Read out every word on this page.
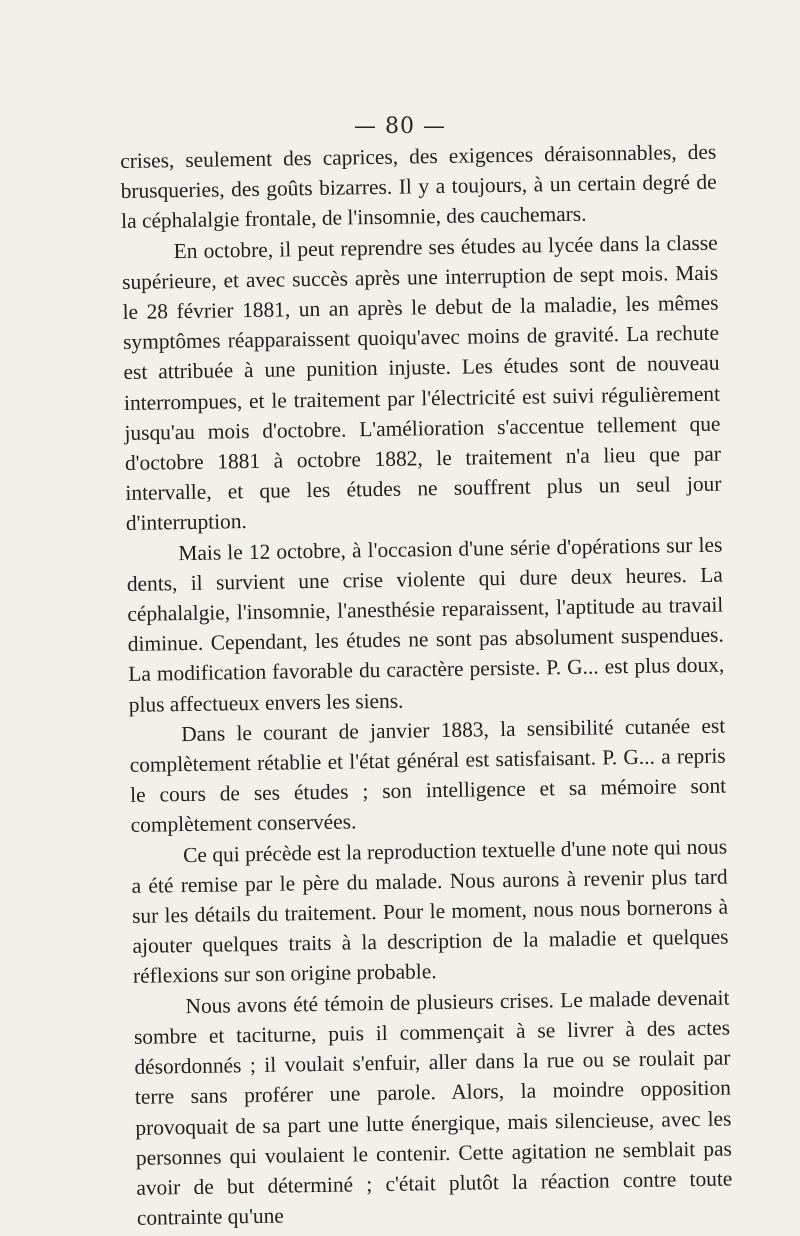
— 80 —

crises, seulement des caprices, des exigences déraisonnables, des brusqueries, des goûts bizarres. Il y a toujours, à un certain degré de la céphalalgie frontale, de l'insomnie, des cauchemars.

En octobre, il peut reprendre ses études au lycée dans la classe supérieure, et avec succès après une interruption de sept mois. Mais le 28 février 1881, un an après le debut de la maladie, les mêmes symptômes réapparaissent quoiqu'avec moins de gravité. La rechute est attribuée à une punition injuste. Les études sont de nouveau interrompues, et le traitement par l'électricité est suivi régulièrement jusqu'au mois d'octobre. L'amélioration s'accentue tellement que d'octobre 1881 à octobre 1882, le traitement n'a lieu que par intervalle, et que les études ne souffrent plus un seul jour d'interruption.

Mais le 12 octobre, à l'occasion d'une série d'opérations sur les dents, il survient une crise violente qui dure deux heures. La céphalalgie, l'insomnie, l'anesthésie reparaissent, l'aptitude au travail diminue. Cependant, les études ne sont pas absolument suspendues. La modification favorable du caractère persiste. P. G... est plus doux, plus affectueux envers les siens.

Dans le courant de janvier 1883, la sensibilité cutanée est complètement rétablie et l'état général est satisfaisant. P. G... a repris le cours de ses études ; son intelligence et sa mémoire sont complètement conservées.

Ce qui précède est la reproduction textuelle d'une note qui nous a été remise par le père du malade. Nous aurons à revenir plus tard sur les détails du traitement. Pour le moment, nous nous bornerons à ajouter quelques traits à la description de la maladie et quelques réflexions sur son origine probable.

Nous avons été témoin de plusieurs crises. Le malade devenait sombre et taciturne, puis il commençait à se livrer à des actes désordonnés ; il voulait s'enfuir, aller dans la rue ou se roulait par terre sans proférer une parole. Alors, la moindre opposition provoquait de sa part une lutte énergique, mais silencieuse, avec les personnes qui voulaient le contenir. Cette agitation ne semblait pas avoir de but déterminé ; c'était plutôt la réaction contre toute contrainte qu'une
